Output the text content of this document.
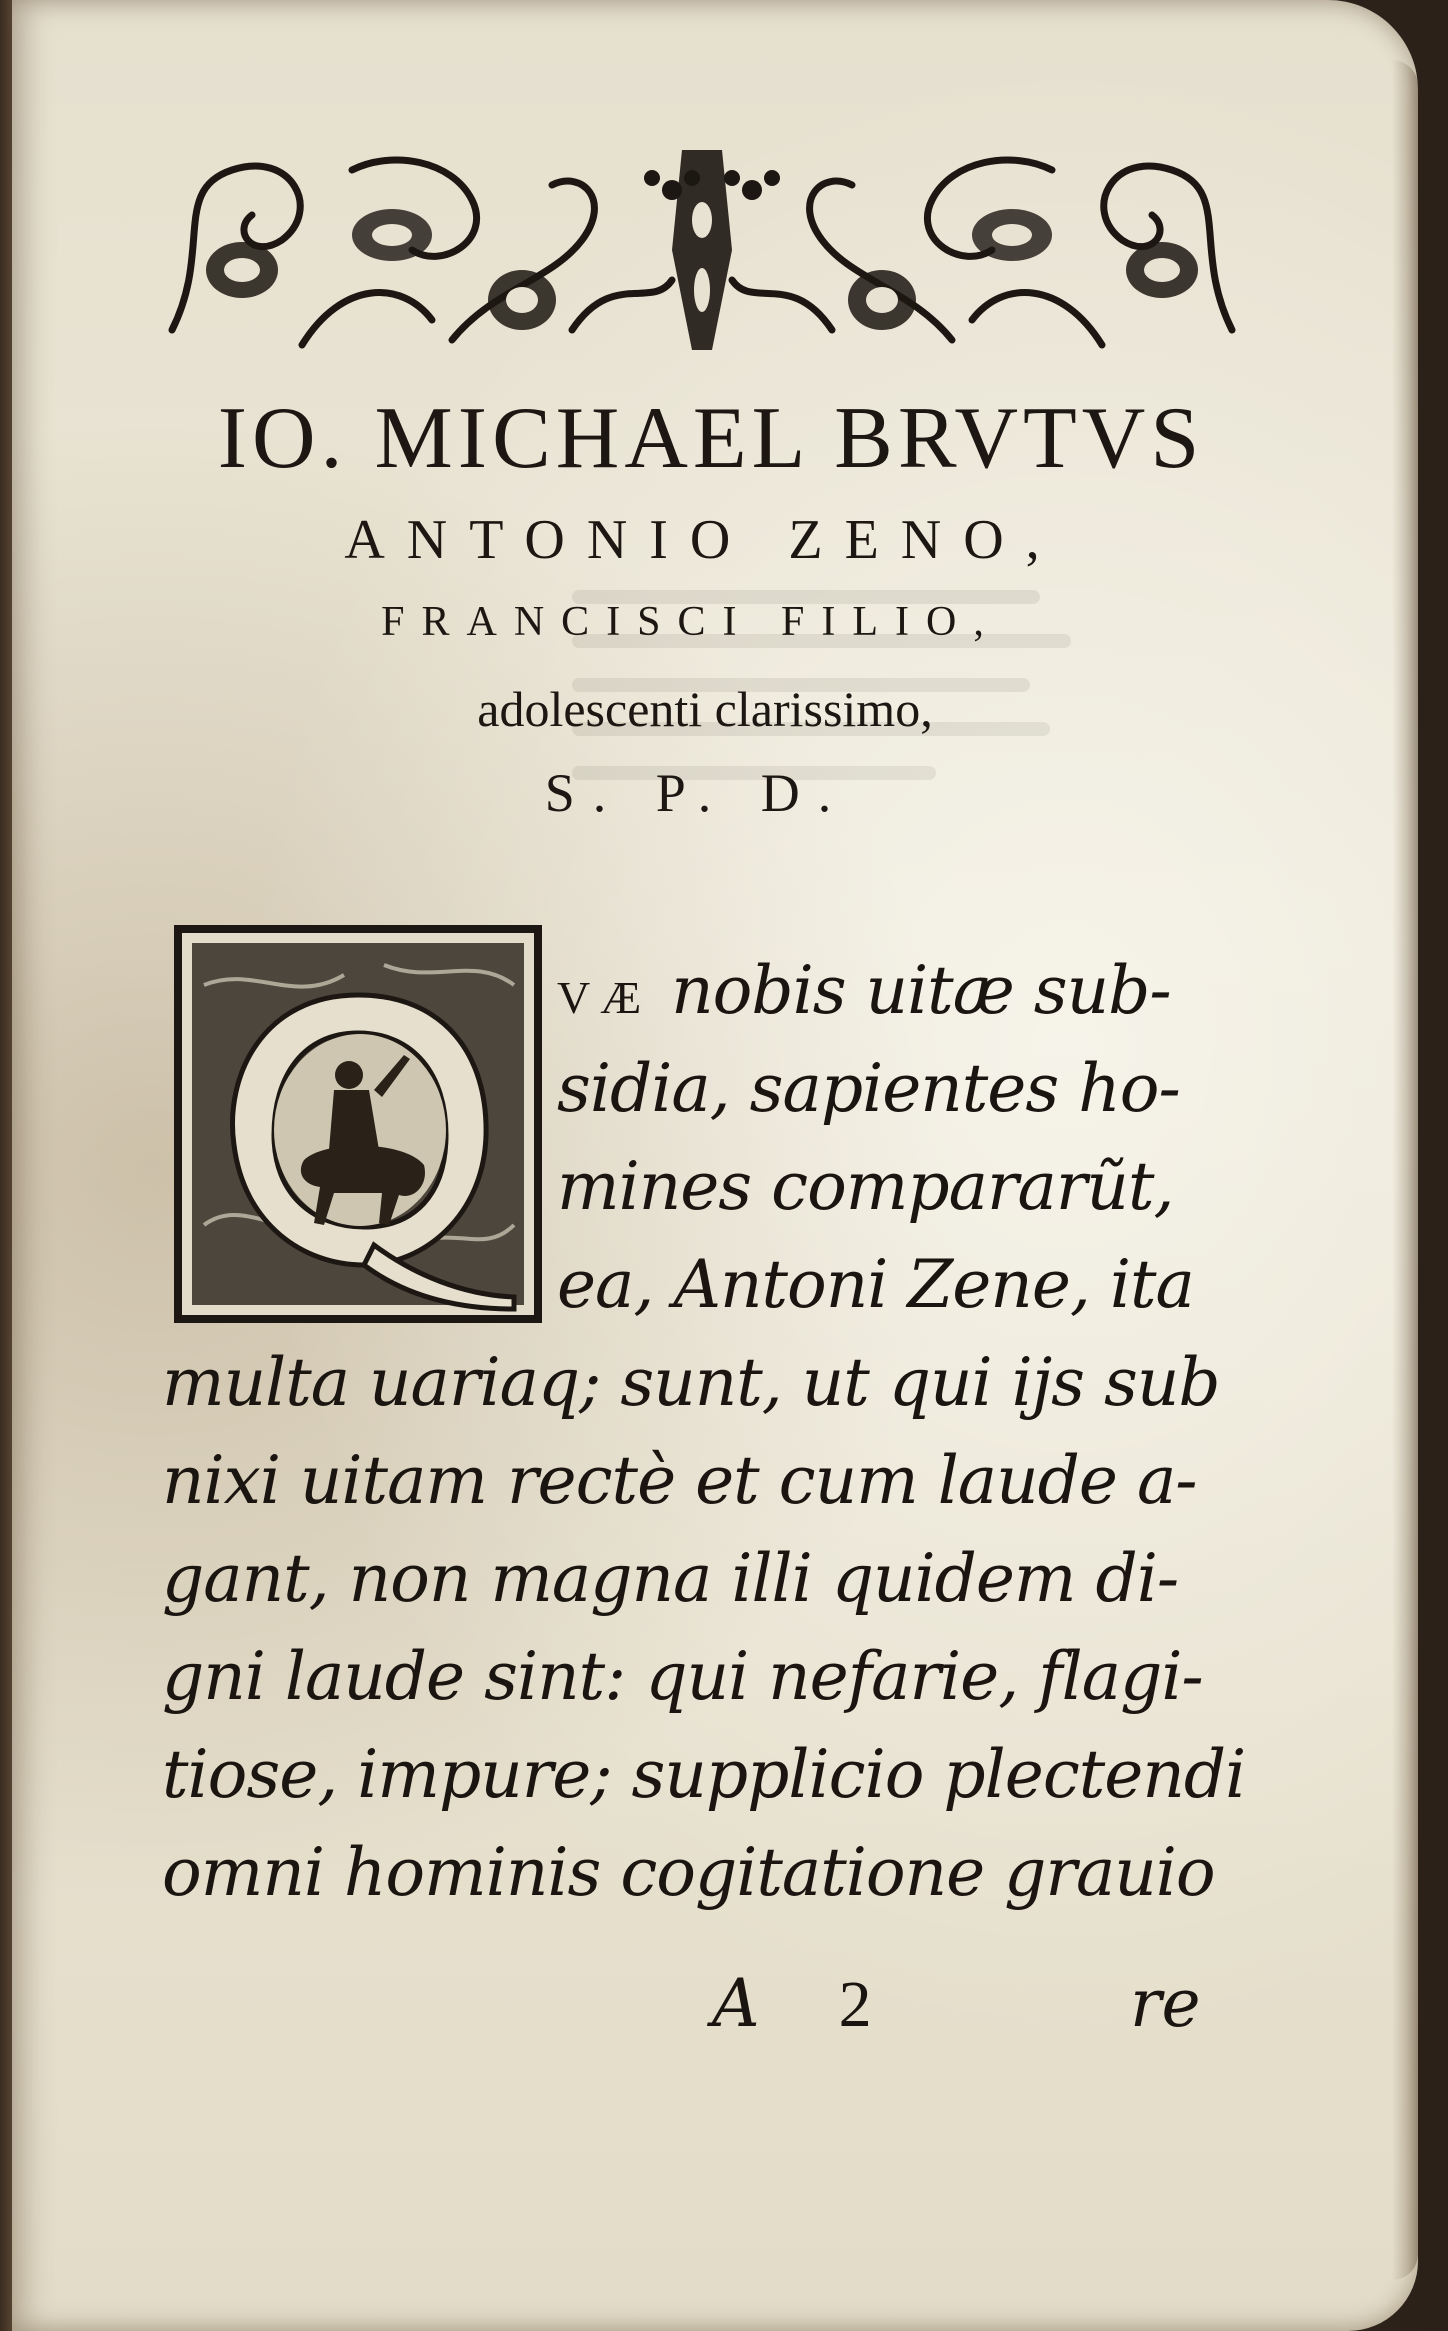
IO. MICHAEL BRVTVS
ANTONIO ZENO,
FRANCISCI FILIO,
adolescenti clarissimo,
S. P. D.
VÆ nobis uitæ sub-
sidia, sapientes ho-
mines compararũt,
ea, Antoni Zene, ita
multa uariaq; sunt, ut qui ijs sub
nixi uitam rectè et cum laude a-
gant, non magna illi quidem di-
gni laude sint: qui nefarie, flagi-
tiose, impure; supplicio plectendi
omni hominis cogitatione grauio
A 2	re
